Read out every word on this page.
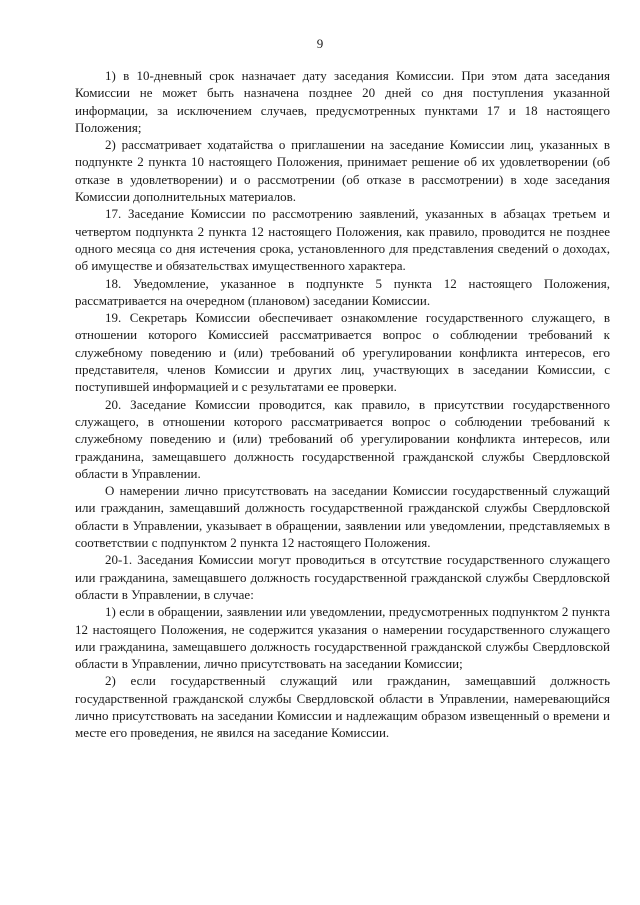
9

1) в 10-дневный срок назначает дату заседания Комиссии. При этом дата заседания Комиссии не может быть назначена позднее 20 дней со дня поступления указанной информации, за исключением случаев, предусмотренных пунктами 17 и 18 настоящего Положения;

2) рассматривает ходатайства о приглашении на заседание Комиссии лиц, указанных в подпункте 2 пункта 10 настоящего Положения, принимает решение об их удовлетворении (об отказе в удовлетворении) и о рассмотрении (об отказе в рассмотрении) в ходе заседания Комиссии дополнительных материалов.

17. Заседание Комиссии по рассмотрению заявлений, указанных в абзацах третьем и четвертом подпункта 2 пункта 12 настоящего Положения, как правило, проводится не позднее одного месяца со дня истечения срока, установленного для представления сведений о доходах, об имуществе и обязательствах имущественного характера.

18. Уведомление, указанное в подпункте 5 пункта 12 настоящего Положения, рассматривается на очередном (плановом) заседании Комиссии.

19. Секретарь Комиссии обеспечивает ознакомление государственного служащего, в отношении которого Комиссией рассматривается вопрос о соблюдении требований к служебному поведению и (или) требований об урегулировании конфликта интересов, его представителя, членов Комиссии и других лиц, участвующих в заседании Комиссии, с поступившей информацией и с результатами ее проверки.

20. Заседание Комиссии проводится, как правило, в присутствии государственного служащего, в отношении которого рассматривается вопрос о соблюдении требований к служебному поведению и (или) требований об урегулировании конфликта интересов, или гражданина, замещавшего должность государственной гражданской службы Свердловской области в Управлении.

О намерении лично присутствовать на заседании Комиссии государственный служащий или гражданин, замещавший должность государственной гражданской службы Свердловской области в Управлении, указывает в обращении, заявлении или уведомлении, представляемых в соответствии с подпунктом 2 пункта 12 настоящего Положения.

20-1. Заседания Комиссии могут проводиться в отсутствие государственного служащего или гражданина, замещавшего должность государственной гражданской службы Свердловской области в Управлении, в случае:

1) если в обращении, заявлении или уведомлении, предусмотренных подпунктом 2 пункта 12 настоящего Положения, не содержится указания о намерении государственного служащего или гражданина, замещавшего должность государственной гражданской службы Свердловской области в Управлении, лично присутствовать на заседании Комиссии;

2) если государственный служащий или гражданин, замещавший должность государственной гражданской службы Свердловской области в Управлении, намеревающийся лично присутствовать на заседании Комиссии и надлежащим образом извещенный о времени и месте его проведения, не явился на заседание Комиссии.
